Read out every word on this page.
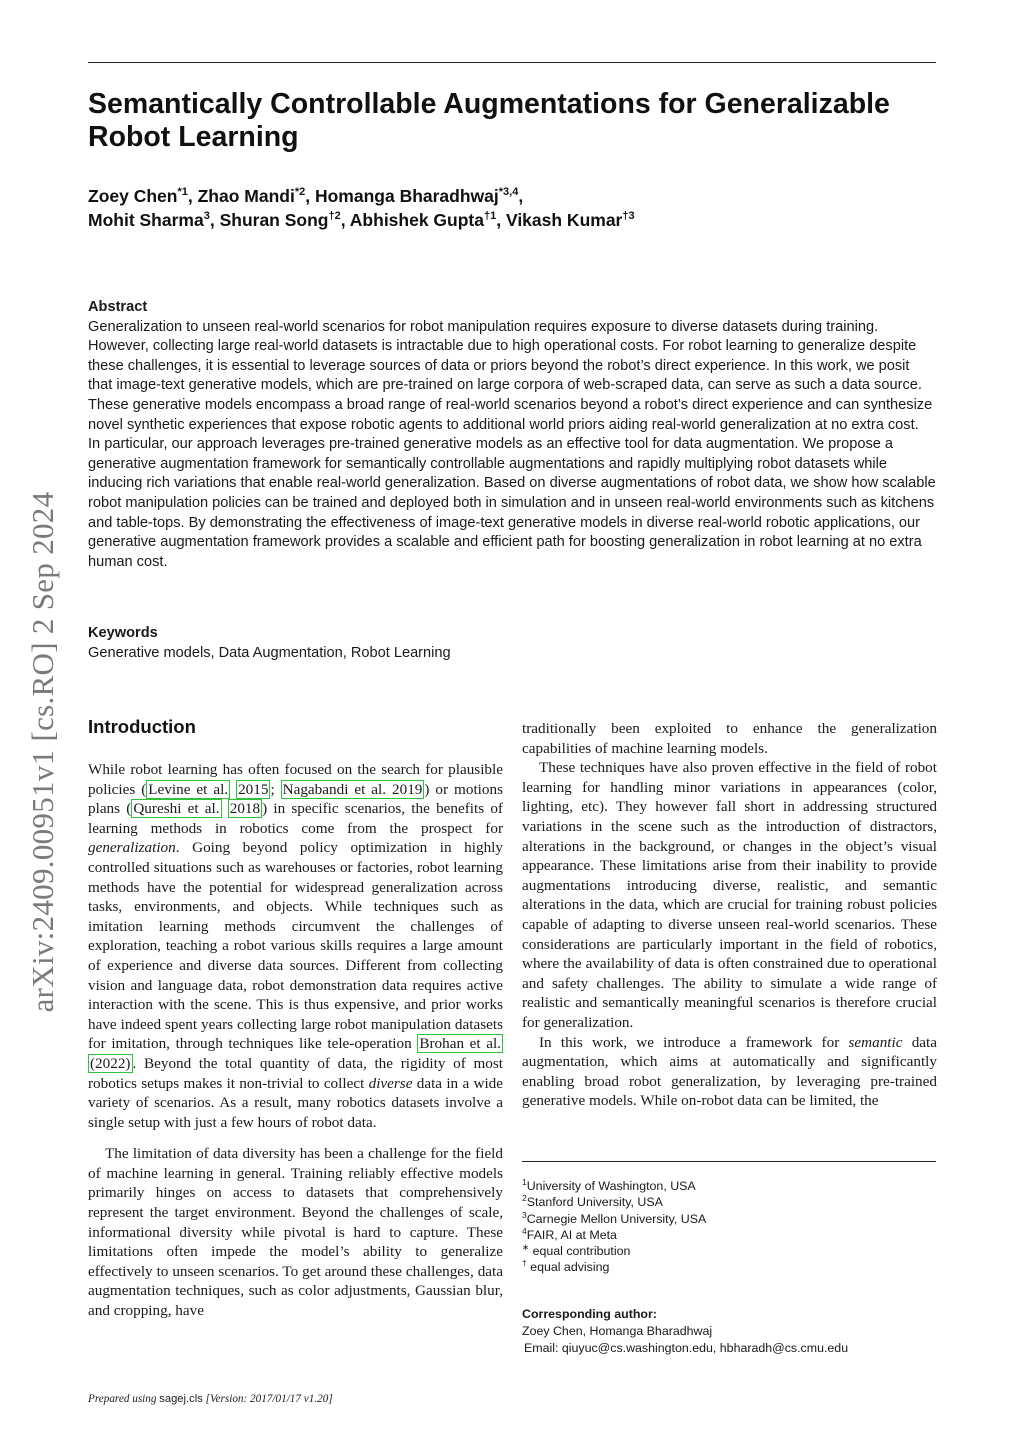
Semantically Controllable Augmentations for Generalizable Robot Learning
Zoey Chen$^{*1}$, Zhao Mandi$^{*2}$, Homanga Bharadhwaj$^{*3,4}$,
Mohit Sharma$^3$, Shuran Song$^{\dagger 2}$, Abhishek Gupta$^{\dagger 1}$, Vikash Kumar$^{\dagger 3}$
Abstract

Generalization to unseen real-world scenarios for robot manipulation requires exposure to diverse datasets during training. However, collecting large real-world datasets is intractable due to high operational costs. For robot learning to generalize despite these challenges, it is essential to leverage sources of data or priors beyond the robot’s direct experience. In this work, we posit that image-text generative models, which are pre-trained on large corpora of web-scraped data, can serve as such a data source. These generative models encompass a broad range of real-world scenarios beyond a robot’s direct experience and can synthesize novel synthetic experiences that expose robotic agents to additional world priors aiding real-world generalization at no extra cost.

In particular, our approach leverages pre-trained generative models as an effective tool for data augmentation. We propose a generative augmentation framework for semantically controllable augmentations and rapidly multiplying robot datasets while inducing rich variations that enable real-world generalization. Based on diverse augmentations of robot data, we show how scalable robot manipulation policies can be trained and deployed both in simulation and in unseen real-world environments such as kitchens and table-tops. By demonstrating the effectiveness of image-text generative models in diverse real-world robotic applications, our generative augmentation framework provides a scalable and efficient path for boosting generalization in robot learning at no extra human cost.

Keywords

Generative models, Data Augmentation, Robot Learning

arXiv:2409.00951v1 [cs.RO] 2 Sep 2024 Introduction

While robot learning has often focused on the search for plausible policies ( Levine et al. 2015 ; Nagabandi et al. 2019 ) or motions plans ( Qureshi et al. 2018 ) in specific scenarios, the benefits of learning methods in robotics come from the prospect for generalization. Going beyond policy optimization in highly controlled situations such as warehouses or factories, robot learning methods have the potential for widespread generalization across tasks, environments, and objects. While techniques such as imitation learning methods circumvent the challenges of exploration, teaching a robot various skills requires a large amount of experience and diverse data sources. Different from collecting vision and language data, robot demonstration data requires active interaction with the scene. This is thus expensive, and prior works have indeed spent years collecting large robot manipulation datasets for imitation, through techniques like tele-operation Brohan et al. (2022) . Beyond the total quantity of data, the rigidity of most robotics setups makes it non-trivial to collect diverse data in a wide variety of scenarios. As a result, many robotics datasets involve a single setup with just a few hours of robot data.

The limitation of data diversity has been a challenge for the field of machine learning in general. Training reliably effective models primarily hinges on access to datasets that comprehensively represent the target environment. Beyond the challenges of scale, informational diversity while pivotal is hard to capture. These limitations often impede the model’s ability to generalize effectively to unseen scenarios. To get around these challenges, data augmentation techniques, such as color adjustments, Gaussian blur, and cropping, have

traditionally been exploited to enhance the generalization capabilities of machine learning models.

These techniques have also proven effective in the field of robot learning for handling minor variations in appearances (color, lighting, etc). They however fall short in addressing structured variations in the scene such as the introduction of distractors, alterations in the background, or changes in the object’s visual appearance. These limitations arise from their inability to provide augmentations introducing diverse, realistic, and semantic alterations in the data, which are crucial for training robust policies capable of adapting to diverse unseen real-world scenarios. These considerations are particularly important in the field of robotics, where the availability of data is often constrained due to operational and safety challenges. The ability to simulate a wide range of realistic and semantically meaningful scenarios is therefore crucial for generalization.

In this work, we introduce a framework for semantic data augmentation, which aims at automatically and significantly enabling broad robot generalization, by leveraging pre-trained generative models. While on-robot data can be limited, the

$^1$University of Washington, USA
$^2$Stanford University, USA
$^3$Carnegie Mellon University, USA
$^4$FAIR, AI at Meta
∗ equal contribution
† equal advising
Corresponding author:
Zoey Chen, Homanga Bharadhwaj
Email: qiuyuc@cs.washington.edu, hbharadh@cs.cmu.edu
Prepared using sagej.cls [Version: 2017/01/17 v1.20]
